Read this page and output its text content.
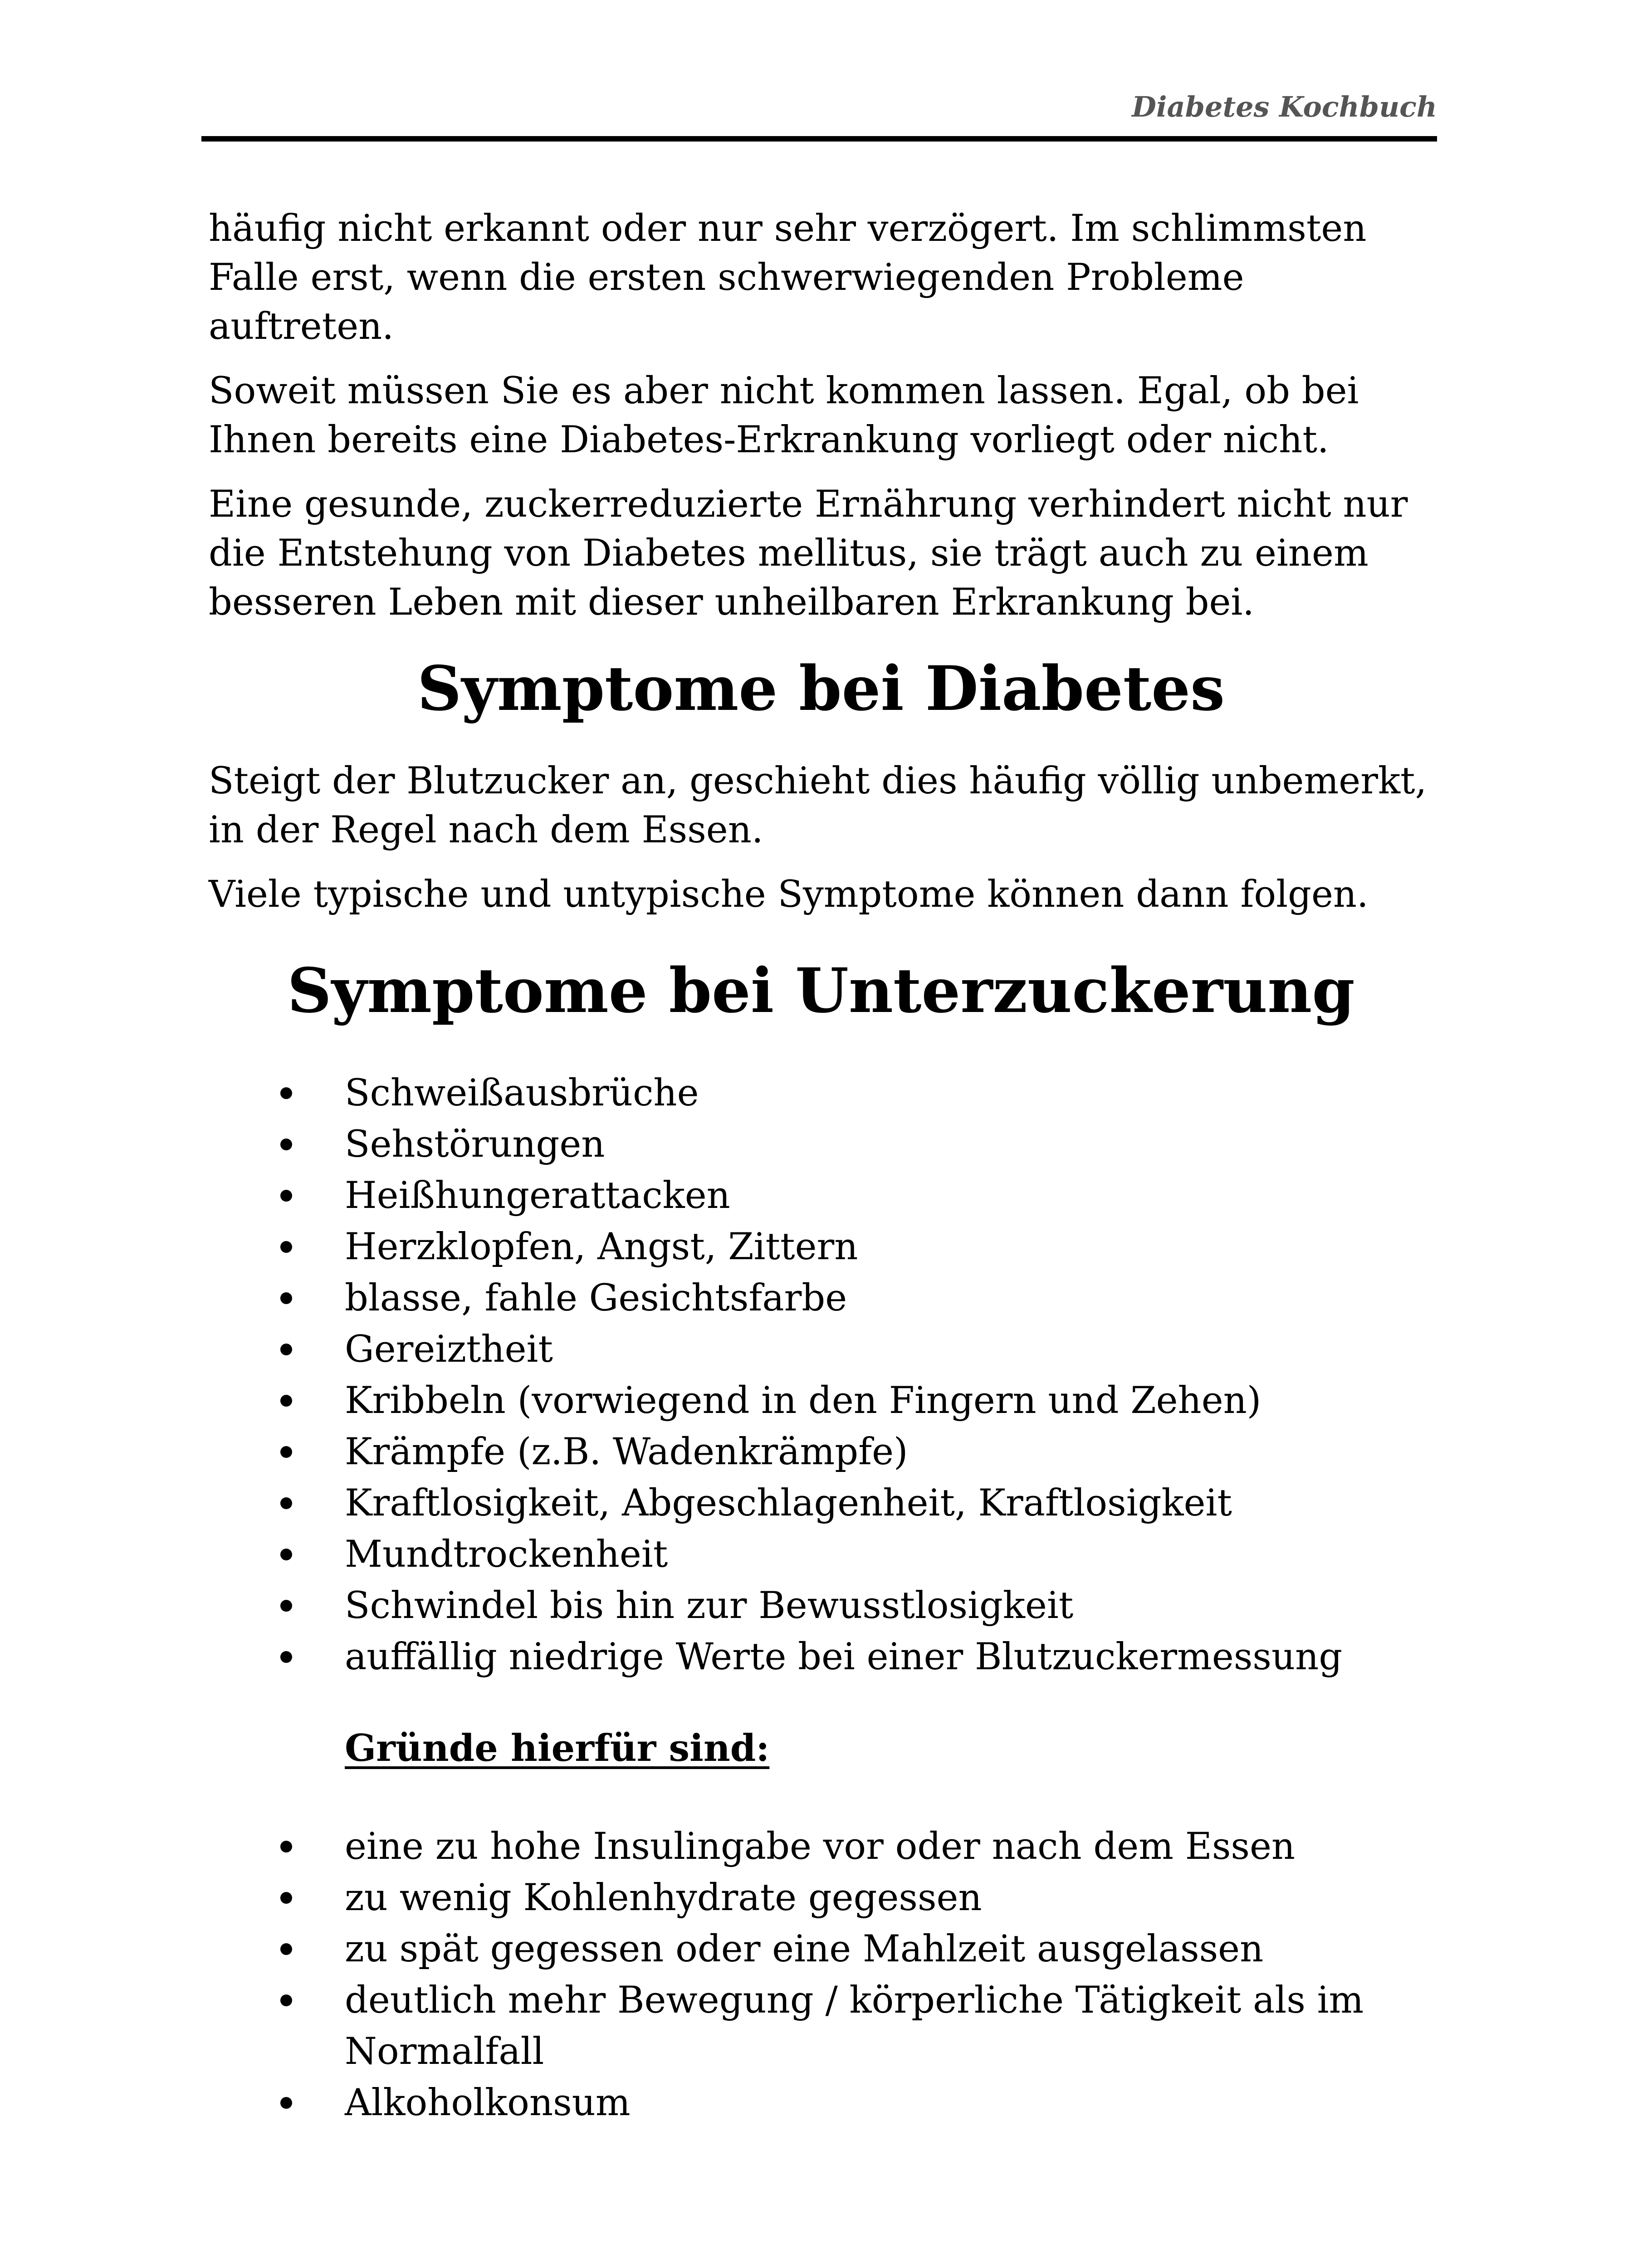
Diabetes Kochbuch

häufig nicht erkannt oder nur sehr verzögert. Im schlimmsten Falle erst, wenn die ersten schwerwiegenden Probleme auftreten.

Soweit müssen Sie es aber nicht kommen lassen. Egal, ob bei Ihnen bereits eine Diabetes-Erkrankung vorliegt oder nicht.

Eine gesunde, zuckerreduzierte Ernährung verhindert nicht nur die Entstehung von Diabetes mellitus, sie trägt auch zu einem besseren Leben mit dieser unheilbaren Erkrankung bei.

Symptome bei Diabetes

Steigt der Blutzucker an, geschieht dies häufig völlig unbemerkt, in der Regel nach dem Essen.

Viele typische und untypische Symptome können dann folgen.

Symptome bei Unterzuckerung
Schweißausbrüche
Sehstörungen
Heißhungerattacken
Herzklopfen, Angst, Zittern
blasse, fahle Gesichtsfarbe
Gereiztheit
Kribbeln (vorwiegend in den Fingern und Zehen)
Krämpfe (z.B. Wadenkrämpfe)
Kraftlosigkeit, Abgeschlagenheit, Kraftlosigkeit
Mundtrockenheit
Schwindel bis hin zur Bewusstlosigkeit
auffällig niedrige Werte bei einer Blutzuckermessung
Gründe hierfür sind:
eine zu hohe Insulingabe vor oder nach dem Essen
zu wenig Kohlenhydrate gegessen
zu spät gegessen oder eine Mahlzeit ausgelassen
deutlich mehr Bewegung / körperliche Tätigkeit als im Normalfall
Alkoholkonsum
